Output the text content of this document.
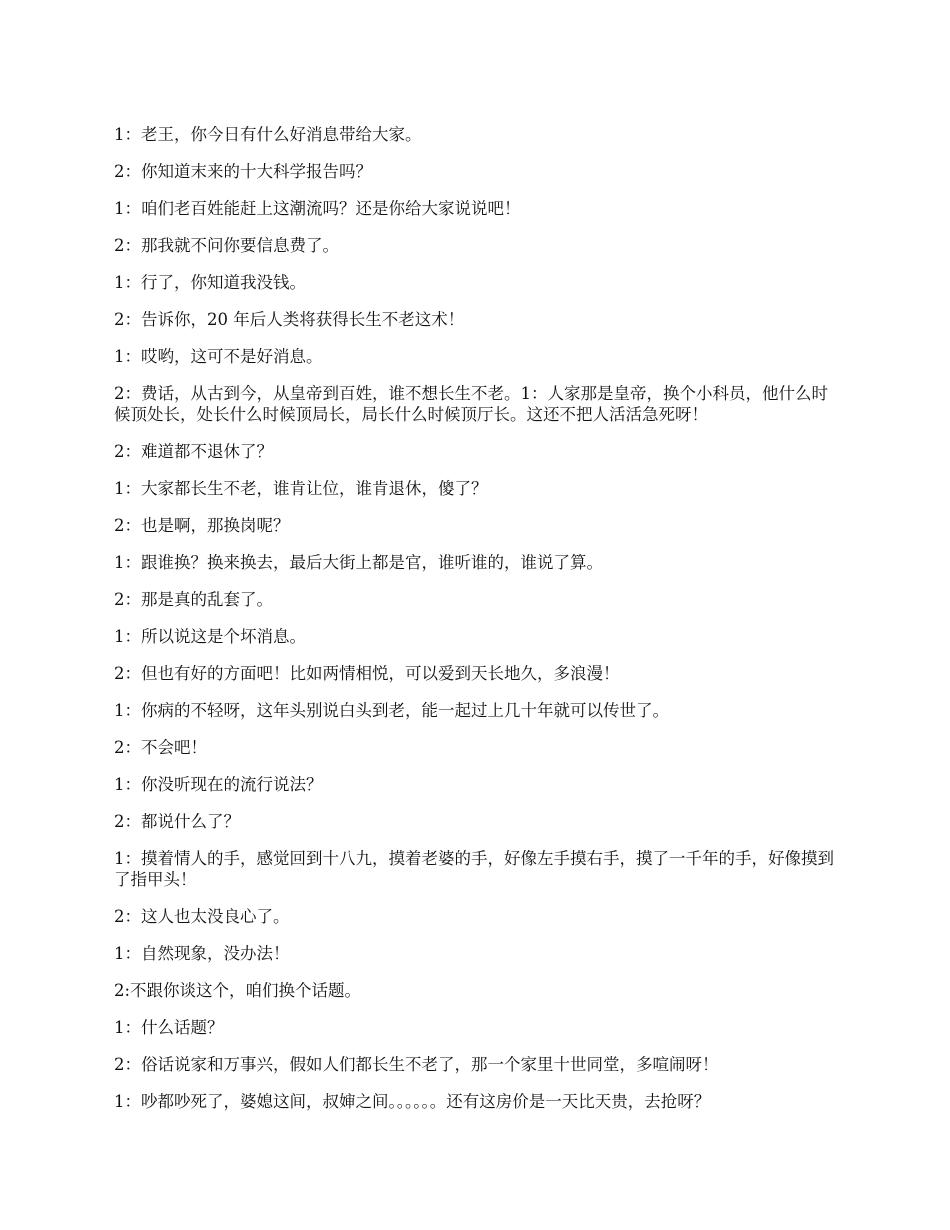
1：老王，你今日有什么好消息带给大家。

2：你知道末来的十大科学报告吗？

1：咱们老百姓能赶上这潮流吗？还是你给大家说说吧！

2：那我就不问你要信息费了。

1：行了，你知道我没钱。

2：告诉你，20 年后人类将获得长生不老这术！

1：哎哟，这可不是好消息。

2：费话，从古到今，从皇帝到百姓，谁不想长生不老。1：人家那是皇帝，换个小科员，他什么时候顶处长，处长什么时候顶局长，局长什么时候顶厅长。这还不把人活活急死呀！

2：难道都不退休了？

1：大家都长生不老，谁肯让位，谁肯退休，傻了？

2：也是啊，那换岗呢？

1：跟谁换？换来换去，最后大街上都是官，谁听谁的，谁说了算。

2：那是真的乱套了。

1：所以说这是个坏消息。

2：但也有好的方面吧！比如两情相悦，可以爱到天长地久，多浪漫！

1：你病的不轻呀，这年头别说白头到老，能一起过上几十年就可以传世了。

2：不会吧！

1：你没听现在的流行说法？

2：都说什么了？

1：摸着情人的手，感觉回到十八九，摸着老婆的手，好像左手摸右手，摸了一千年的手，好像摸到了指甲头！

2：这人也太没良心了。

1：自然现象，没办法！

2:不跟你谈这个，咱们换个话题。

1：什么话题？

2：俗话说家和万事兴，假如人们都长生不老了，那一个家里十世同堂，多喧闹呀！

1：吵都吵死了，婆媳这间，叔婶之间。。。。。。还有这房价是一天比天贵，去抢呀？
